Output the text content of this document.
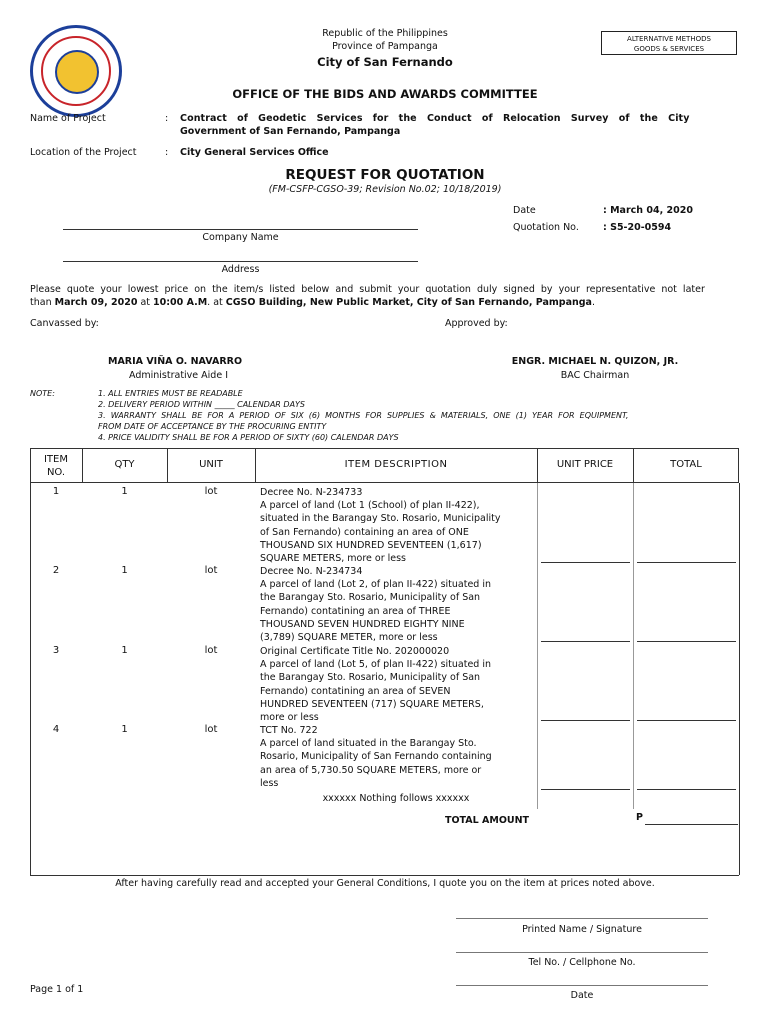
Republic of the Philippines
Province of Pampanga
City of San Fernando
ALTERNATIVE METHODS
GOODS & SERVICES
OFFICE OF THE BIDS AND AWARDS COMMITTEE
Name of Project	: Contract   of   Geodetic   Services   for   the   Conduct   of   Relocation   Survey   of   the   City
Government of San Fernando, Pampanga
Location of the Project	: City General Services Office
REQUEST FOR QUOTATION
(FM-CSFP-CGSO-39; Revision No.02; 10/18/2019)
Date	: March 04, 2020
Quotation No.	: S5-20-0594
Company Name
Address
Please  quote  your  lowest  price  on  the  item/s  listed  below  and  submit  your  quotation  duly  signed  by  your  representative  not  later
than March 09, 2020 at 10:00 A.M. at CGSO Building, New Public Market, City of San Fernando, Pampanga.
Canvassed by:	Approved by:
MARIA VIÑA O. NAVARRO
Administrative Aide I
ENGR. MICHAEL N. QUIZON, JR.
BAC Chairman
NOTE:	1. ALL ENTRIES MUST BE READABLE
2. DELIVERY PERIOD WITHIN _____ CALENDAR DAYS
3.  WARRANTY  SHALL  BE  FOR  A  PERIOD  OF  SIX  (6)  MONTHS  FOR  SUPPLIES  &  MATERIALS,  ONE  (1)  YEAR  FOR  EQUIPMENT,
FROM DATE OF ACCEPTANCE BY THE PROCURING ENTITY
4. PRICE VALIDITY SHALL BE FOR A PERIOD OF SIXTY (60) CALENDAR DAYS
ITEM
NO.
QTY	UNIT	ITEM DESCRIPTION	UNIT PRICE	TOTAL
1	1	lot	Decree No. N-234733
A parcel of land (Lot 1 (School) of plan II-422),
situated in the Barangay Sto. Rosario, Municipality
of San Fernando) containing an area of ONE
THOUSAND SIX HUNDRED SEVENTEEN (1,617)
SQUARE METERS, more or less
2	1	lot	Decree No. N-234734
A parcel of land (Lot 2, of plan II-422) situated in
the Barangay Sto. Rosario, Municipality of San
Fernando) contatining an area of THREE
THOUSAND SEVEN HUNDRED EIGHTY NINE
(3,789) SQUARE METER, more or less
3	1	lot	Original Certificate Title No. 202000020
A parcel of land (Lot 5, of plan II-422) situated in
the Barangay Sto. Rosario, Municipality of San
Fernando) contatining an area of SEVEN
HUNDRED SEVENTEEN (717) SQUARE METERS,
more or less
4	1	lot	TCT No. 722
A parcel of land situated in the Barangay Sto.
Rosario, Municipality of San Fernando containing
an area of 5,730.50 SQUARE METERS, more or
less
xxxxxx Nothing follows xxxxxx
TOTAL AMOUNT	P
After having carefully read and accepted your General Conditions, I quote you on the item at prices noted above.
Printed Name / Signature
Tel No. / Cellphone No.
Date
Page 1 of 1
